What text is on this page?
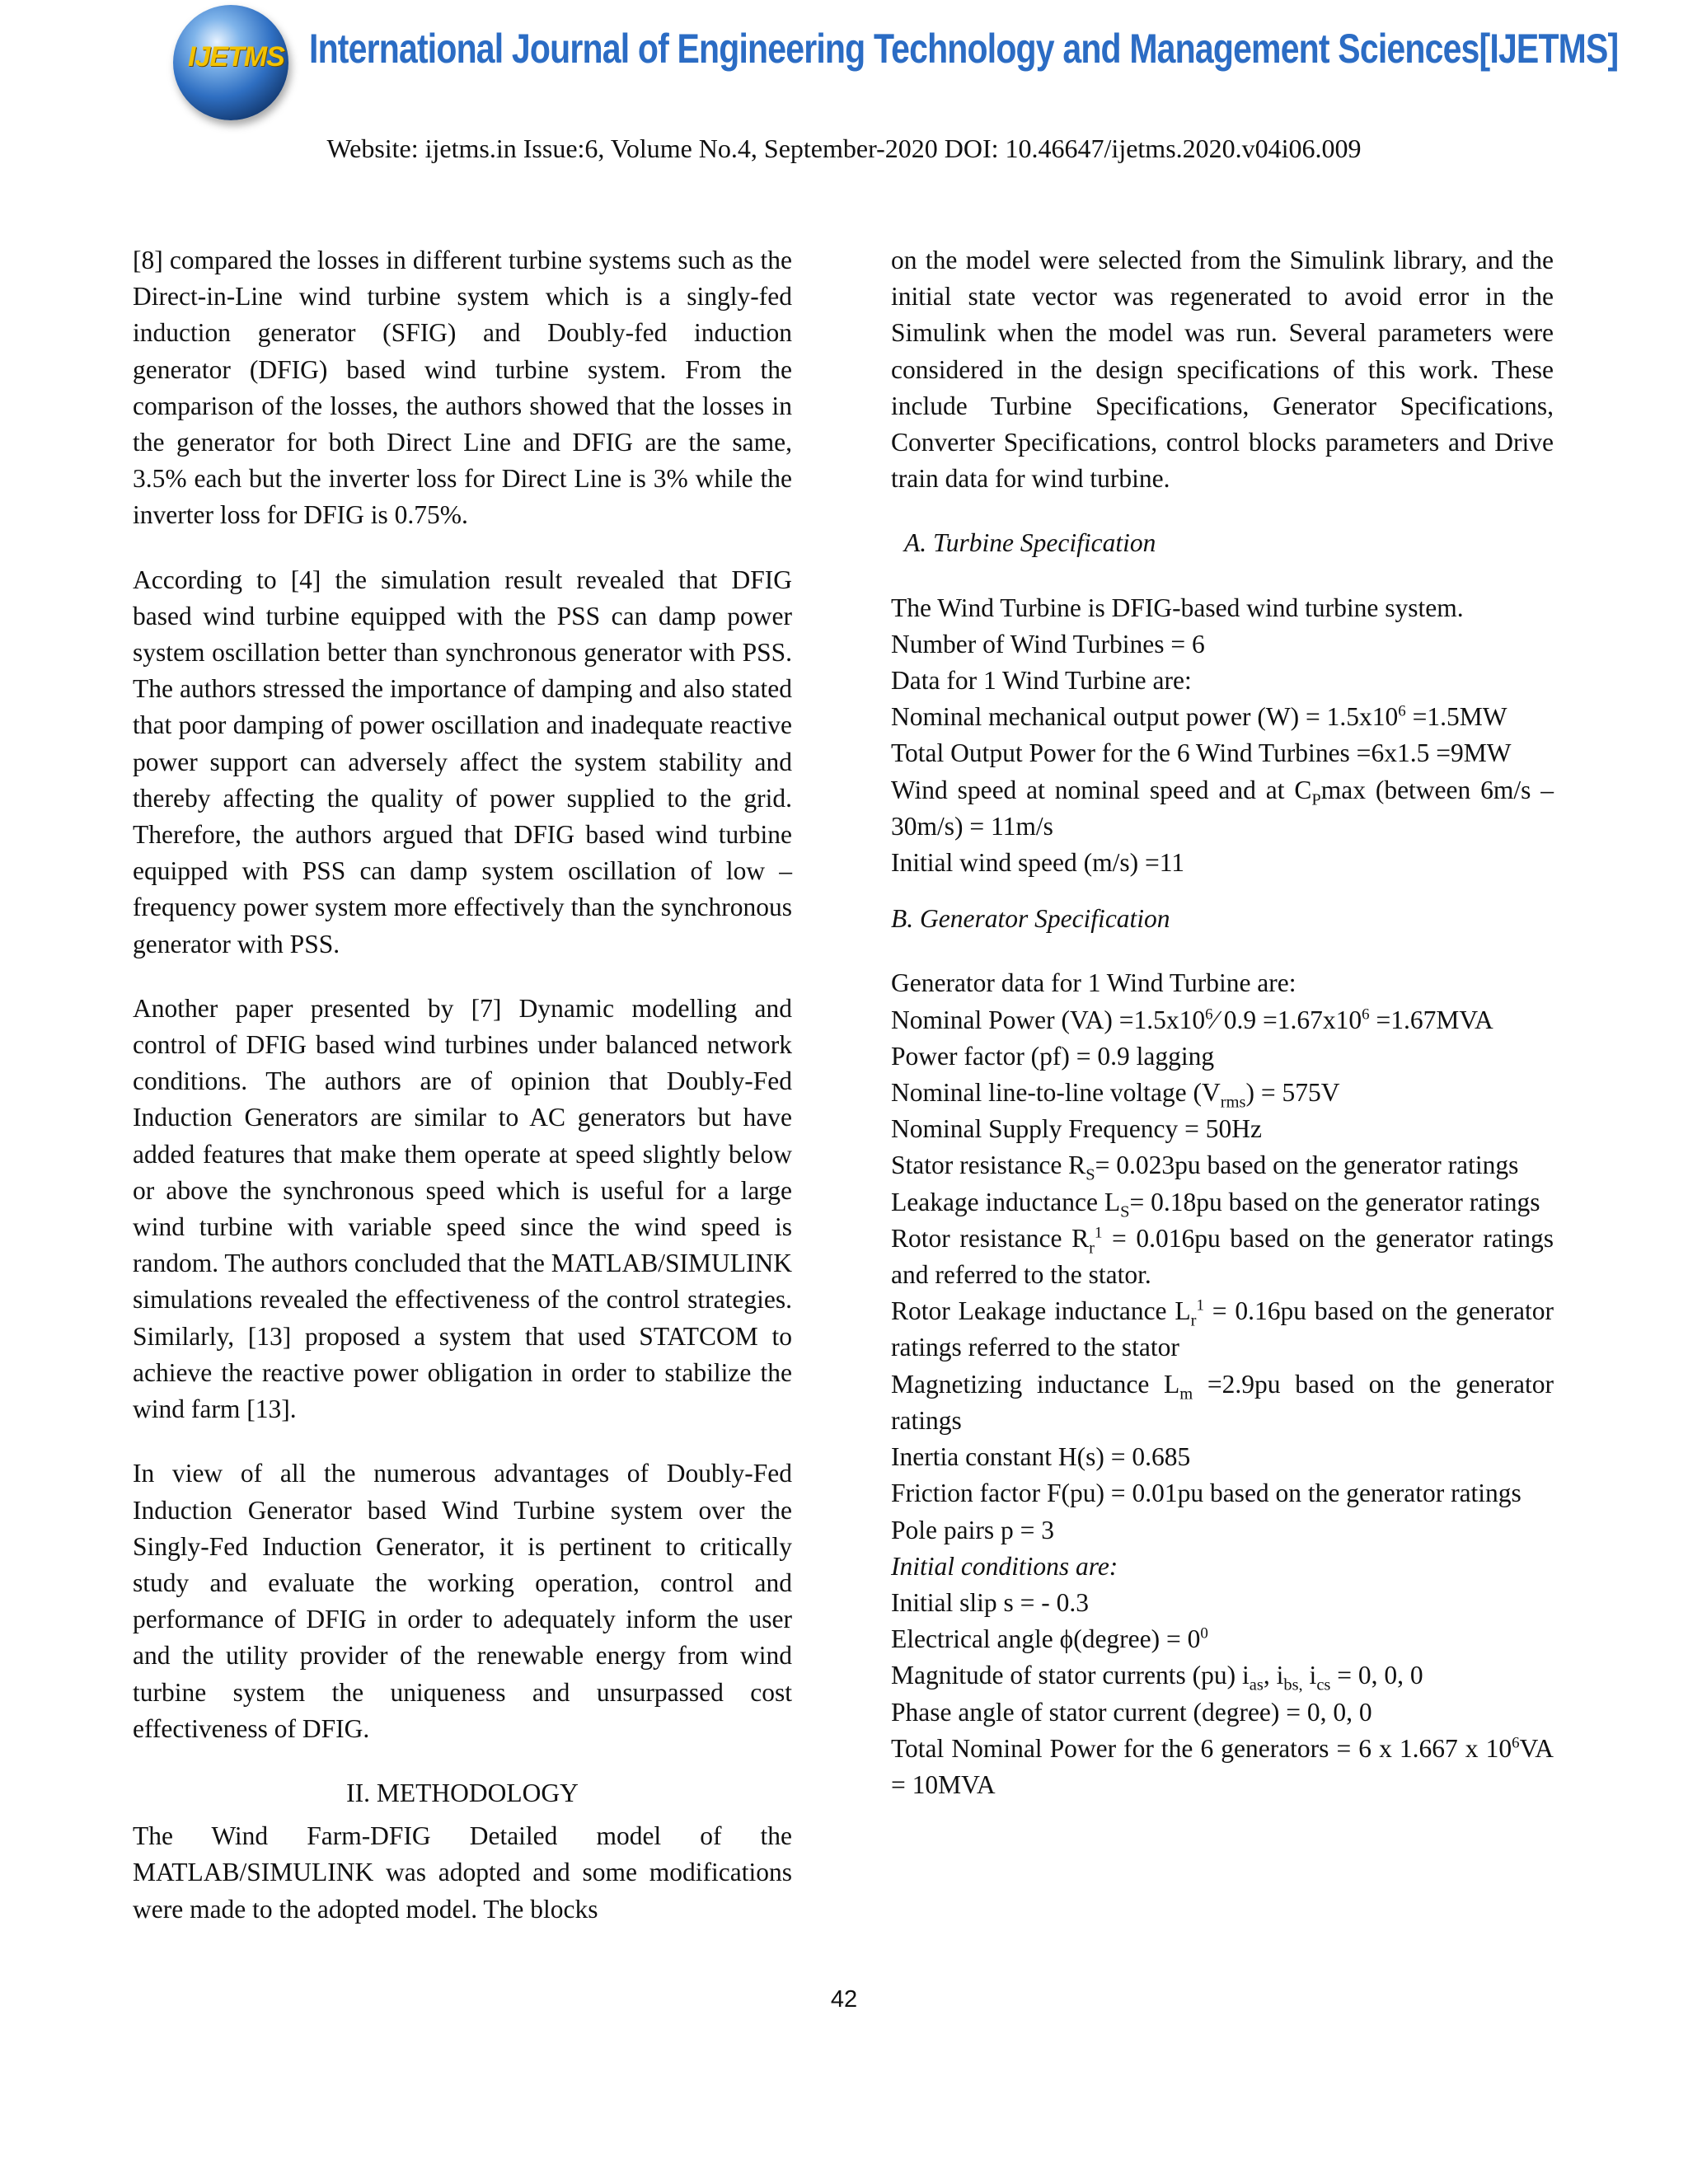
IJETMS International Journal of Engineering Technology and Management Sciences[IJETMS]
Website: ijetms.in Issue:6, Volume No.4, September-2020 DOI: 10.46647/ijetms.2020.v04i06.009

[8] compared the losses in different turbine systems such as the Direct-in-Line wind turbine system which is a singly-fed induction generator (SFIG) and Doubly-fed induction generator (DFIG) based wind turbine system. From the comparison of the losses, the authors showed that the losses in the generator for both Direct Line and DFIG are the same, 3.5% each but the inverter loss for Direct Line is 3% while the inverter loss for DFIG is 0.75%.

According to [4] the simulation result revealed that DFIG based wind turbine equipped with the PSS can damp power system oscillation better than synchronous generator with PSS. The authors stressed the importance of damping and also stated that poor damping of power oscillation and inadequate reactive power support can adversely affect the system stability and thereby affecting the quality of power supplied to the grid. Therefore, the authors argued that DFIG based wind turbine equipped with PSS can damp system oscillation of low – frequency power system more effectively than the synchronous generator with PSS.

Another paper presented by [7] Dynamic modelling and control of DFIG based wind turbines under balanced network conditions. The authors are of opinion that Doubly-Fed Induction Generators are similar to AC generators but have added features that make them operate at speed slightly below or above the synchronous speed which is useful for a large wind turbine with variable speed since the wind speed is random. The authors concluded that the MATLAB/SIMULINK simulations revealed the effectiveness of the control strategies. Similarly, [13] proposed a system that used STATCOM to achieve the reactive power obligation in order to stabilize the wind farm [13].

In view of all the numerous advantages of Doubly-Fed Induction Generator based Wind Turbine system over the Singly-Fed Induction Generator, it is pertinent to critically study and evaluate the working operation, control and performance of DFIG in order to adequately inform the user and the utility provider of the renewable energy from wind turbine system the uniqueness and unsurpassed cost effectiveness of DFIG.

II. METHODOLOGY

The Wind Farm-DFIG Detailed model of the MATLAB/SIMULINK was adopted and some modifications were made to the adopted model. The blocks

on the model were selected from the Simulink library, and the initial state vector was regenerated to avoid error in the Simulink when the model was run. Several parameters were considered in the design specifications of this work. These include Turbine Specifications, Generator Specifications, Converter Specifications, control blocks parameters and Drive train data for wind turbine.

A. Turbine Specification
The Wind Turbine is DFIG-based wind turbine system.
Number of Wind Turbines = 6
Data for 1 Wind Turbine are:
Nominal mechanical output power $(W) = 1.5x10^6 =1.5MW$
Total Output Power for the 6 Wind Turbines =6x1.5 =9MW
Wind speed at nominal speed and at $C_P\max$ (between 6m/s – 30m/s) = 11m/s
Initial wind speed (m/s) =11
B. Generator Specification
Generator data for 1 Wind Turbine are:
Nominal Power $(VA) =1.5x10^6⁄$ $0.9 =1.67x10^6 =1.67MVA$
Power factor (pf) = 0.9 lagging
Nominal line-to-line voltage $(V_{rms}) = 575V$
Nominal Supply Frequency = 50Hz
Stator resistance $R_S= 0.023pu$ based on the generator ratings
Leakage inductance $L_S= 0.18pu$ based on the generator ratings
Rotor resistance $R_r^1 = 0.016pu$ based on the generator ratings and referred to the stator.
Rotor Leakage inductance $L_r^1 = 0.16pu$ based on the generator ratings referred to the stator
Magnetizing inductance $L_m =2.9pu$ based on the generator ratings
Inertia constant H(s) = 0.685
Friction factor F(pu) = 0.01pu based on the generator ratings
Pole pairs p = 3
Initial conditions are:
Initial slip s = - 0.3
Electrical angle ϕ(degree) = $0^0$
Magnitude of stator currents (pu) $i_{as}$, $i_{bs,}$ $i_{cs} = 0$, 0, 0
Phase angle of stator current (degree) = 0, 0, 0
Total Nominal Power for the 6 generators = 6 x 1.667 x $10^6VA = 10MVA$
42
